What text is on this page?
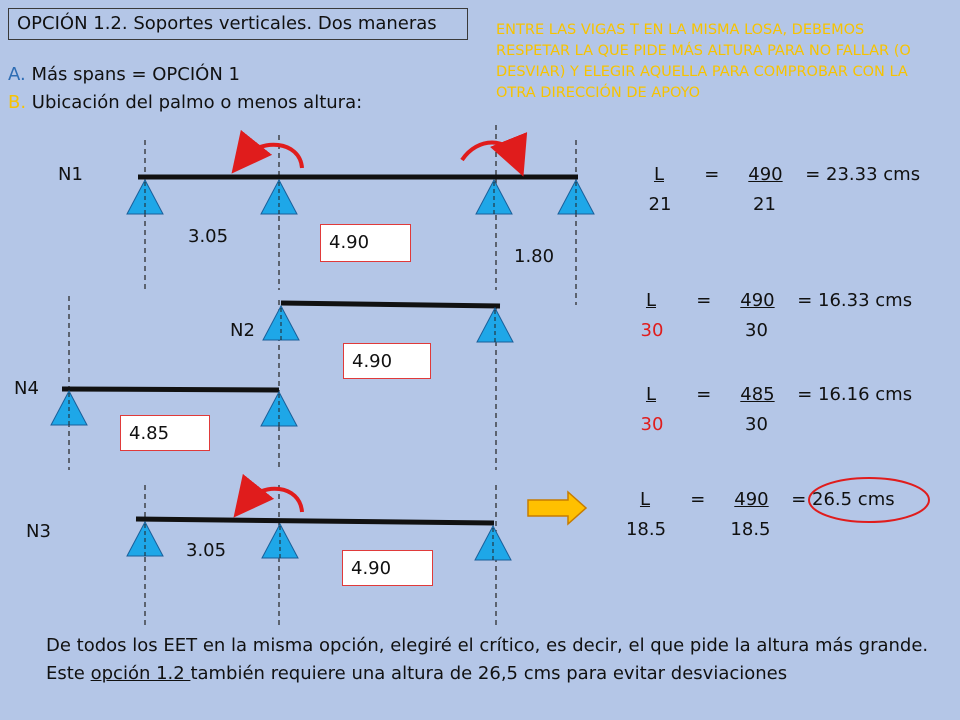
OPCIÓN 1.2. Soportes verticales. Dos maneras	ENTRE LAS VIGAS T EN LA MISMA LOSA, DEBEMOS RESPETAR LA QUE PIDE MÁS ALTURA PARA NO FALLAR (O DESVIAR) Y ELEGIR AQUELLA PARA COMPROBAR CON LA OTRA DIRECCIÓN DE APOYO
A. Más spans = OPCIÓN 1
B. Ubicación del palmo o menos altura:
N1
N2
N4
N3
3.05	4.90
1.80
4.90
4.85
3.05
4.90
L = 490 = 23.33 cms
21	21
L = 490 = 16.33 cms
30	30
L = 485 = 16.16 cms
30	30
L = 490 = 26.5 cms
18.5	18.5
De todos los EET en la misma opción, elegiré el crítico, es decir, el que pide la altura más grande. Este opción 1.2 también requiere una altura de 26,5 cms para evitar desviaciones
